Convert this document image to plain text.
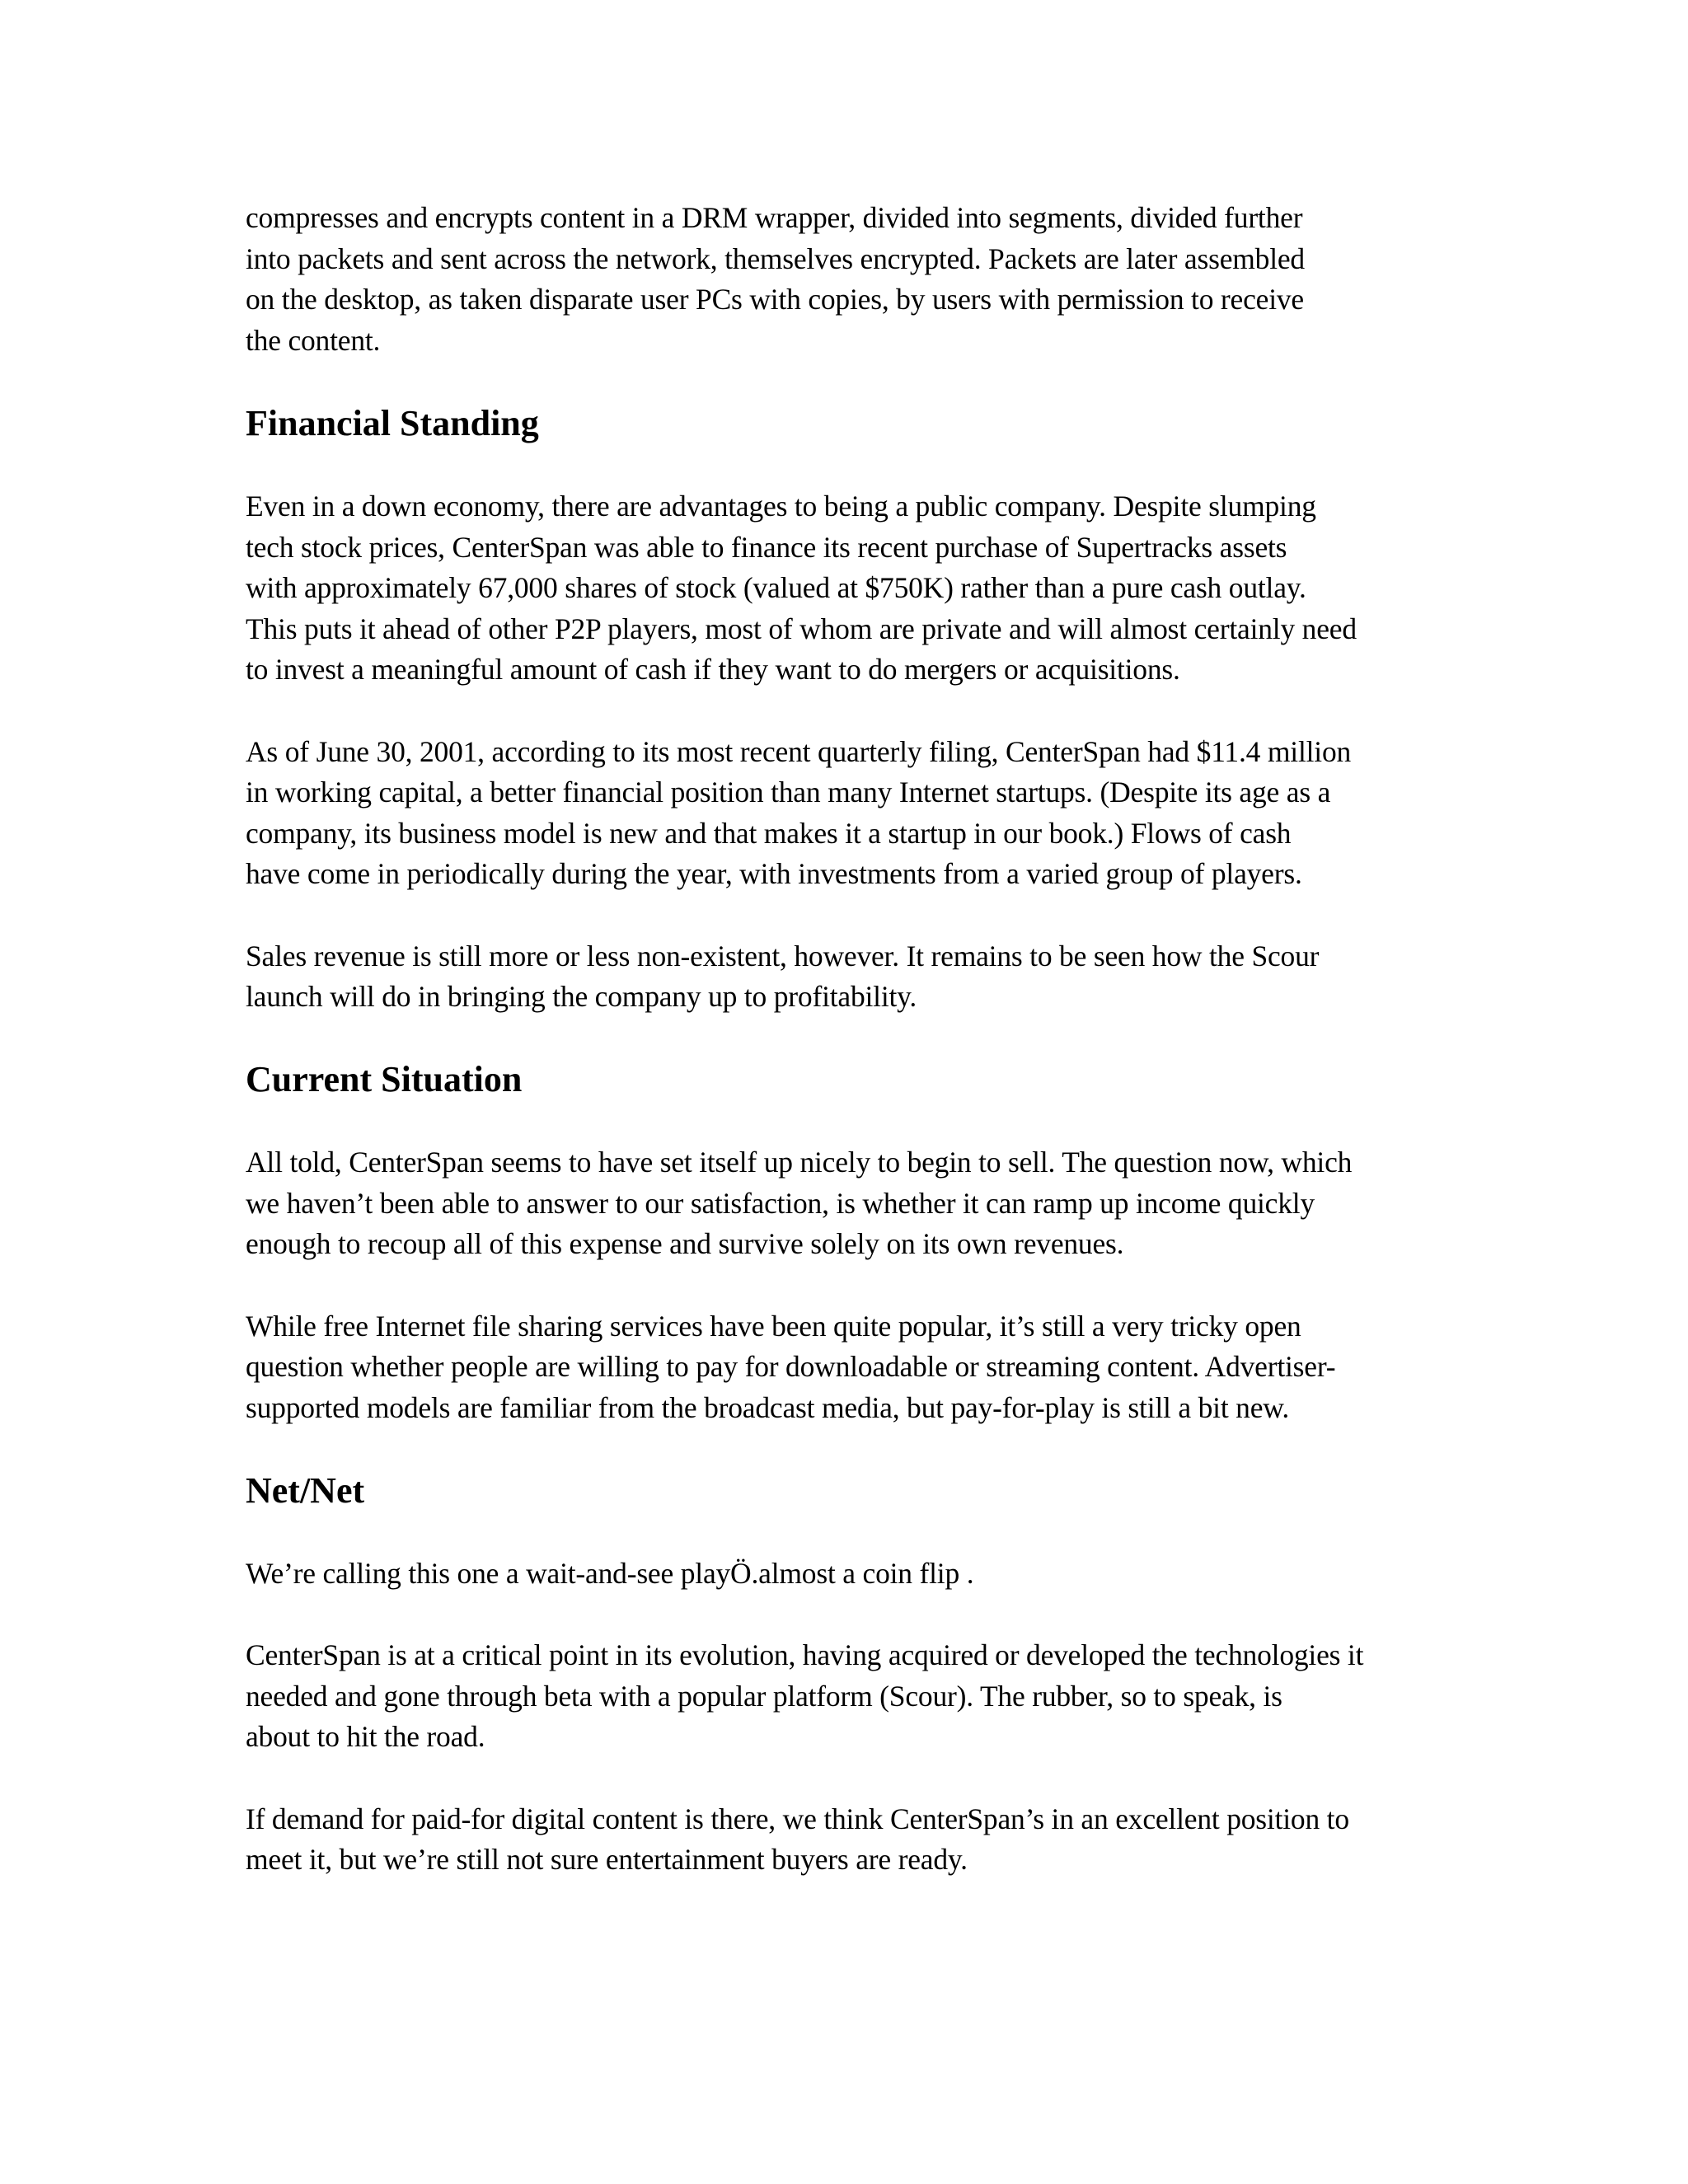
compresses and encrypts content in a DRM wrapper, divided into segments, divided further
into packets and sent across the network, themselves encrypted. Packets are later assembled
on the desktop, as taken disparate user PCs with copies, by users with permission to receive
the content.

Financial Standing

Even in a down economy, there are advantages to being a public company. Despite slumping
tech stock prices, CenterSpan was able to finance its recent purchase of Supertracks assets
with approximately 67,000 shares of stock (valued at $750K) rather than a pure cash outlay.
This puts it ahead of other P2P players, most of whom are private and will almost certainly need
to invest a meaningful amount of cash if they want to do mergers or acquisitions.

As of June 30, 2001, according to its most recent quarterly filing, CenterSpan had $11.4 million
in working capital, a better financial position than many Internet startups. (Despite its age as a
company, its business model is new and that makes it a startup in our book.) Flows of cash
have come in periodically during the year, with investments from a varied group of players.

Sales revenue is still more or less non-existent, however. It remains to be seen how the Scour
launch will do in bringing the company up to profitability.

Current Situation

All told, CenterSpan seems to have set itself up nicely to begin to sell. The question now, which
we haven’t been able to answer to our satisfaction, is whether it can ramp up income quickly
enough to recoup all of this expense and survive solely on its own revenues.

While free Internet file sharing services have been quite popular, it’s still a very tricky open
question whether people are willing to pay for downloadable or streaming content. Advertiser-
supported models are familiar from the broadcast media, but pay-for-play is still a bit new.

Net/Net

We’re calling this one a wait-and-see playÖ.almost a coin flip .

CenterSpan is at a critical point in its evolution, having acquired or developed the technologies it
needed and gone through beta with a popular platform (Scour). The rubber, so to speak, is
about to hit the road.

If demand for paid-for digital content is there, we think CenterSpan’s in an excellent position to
meet it, but we’re still not sure entertainment buyers are ready.
